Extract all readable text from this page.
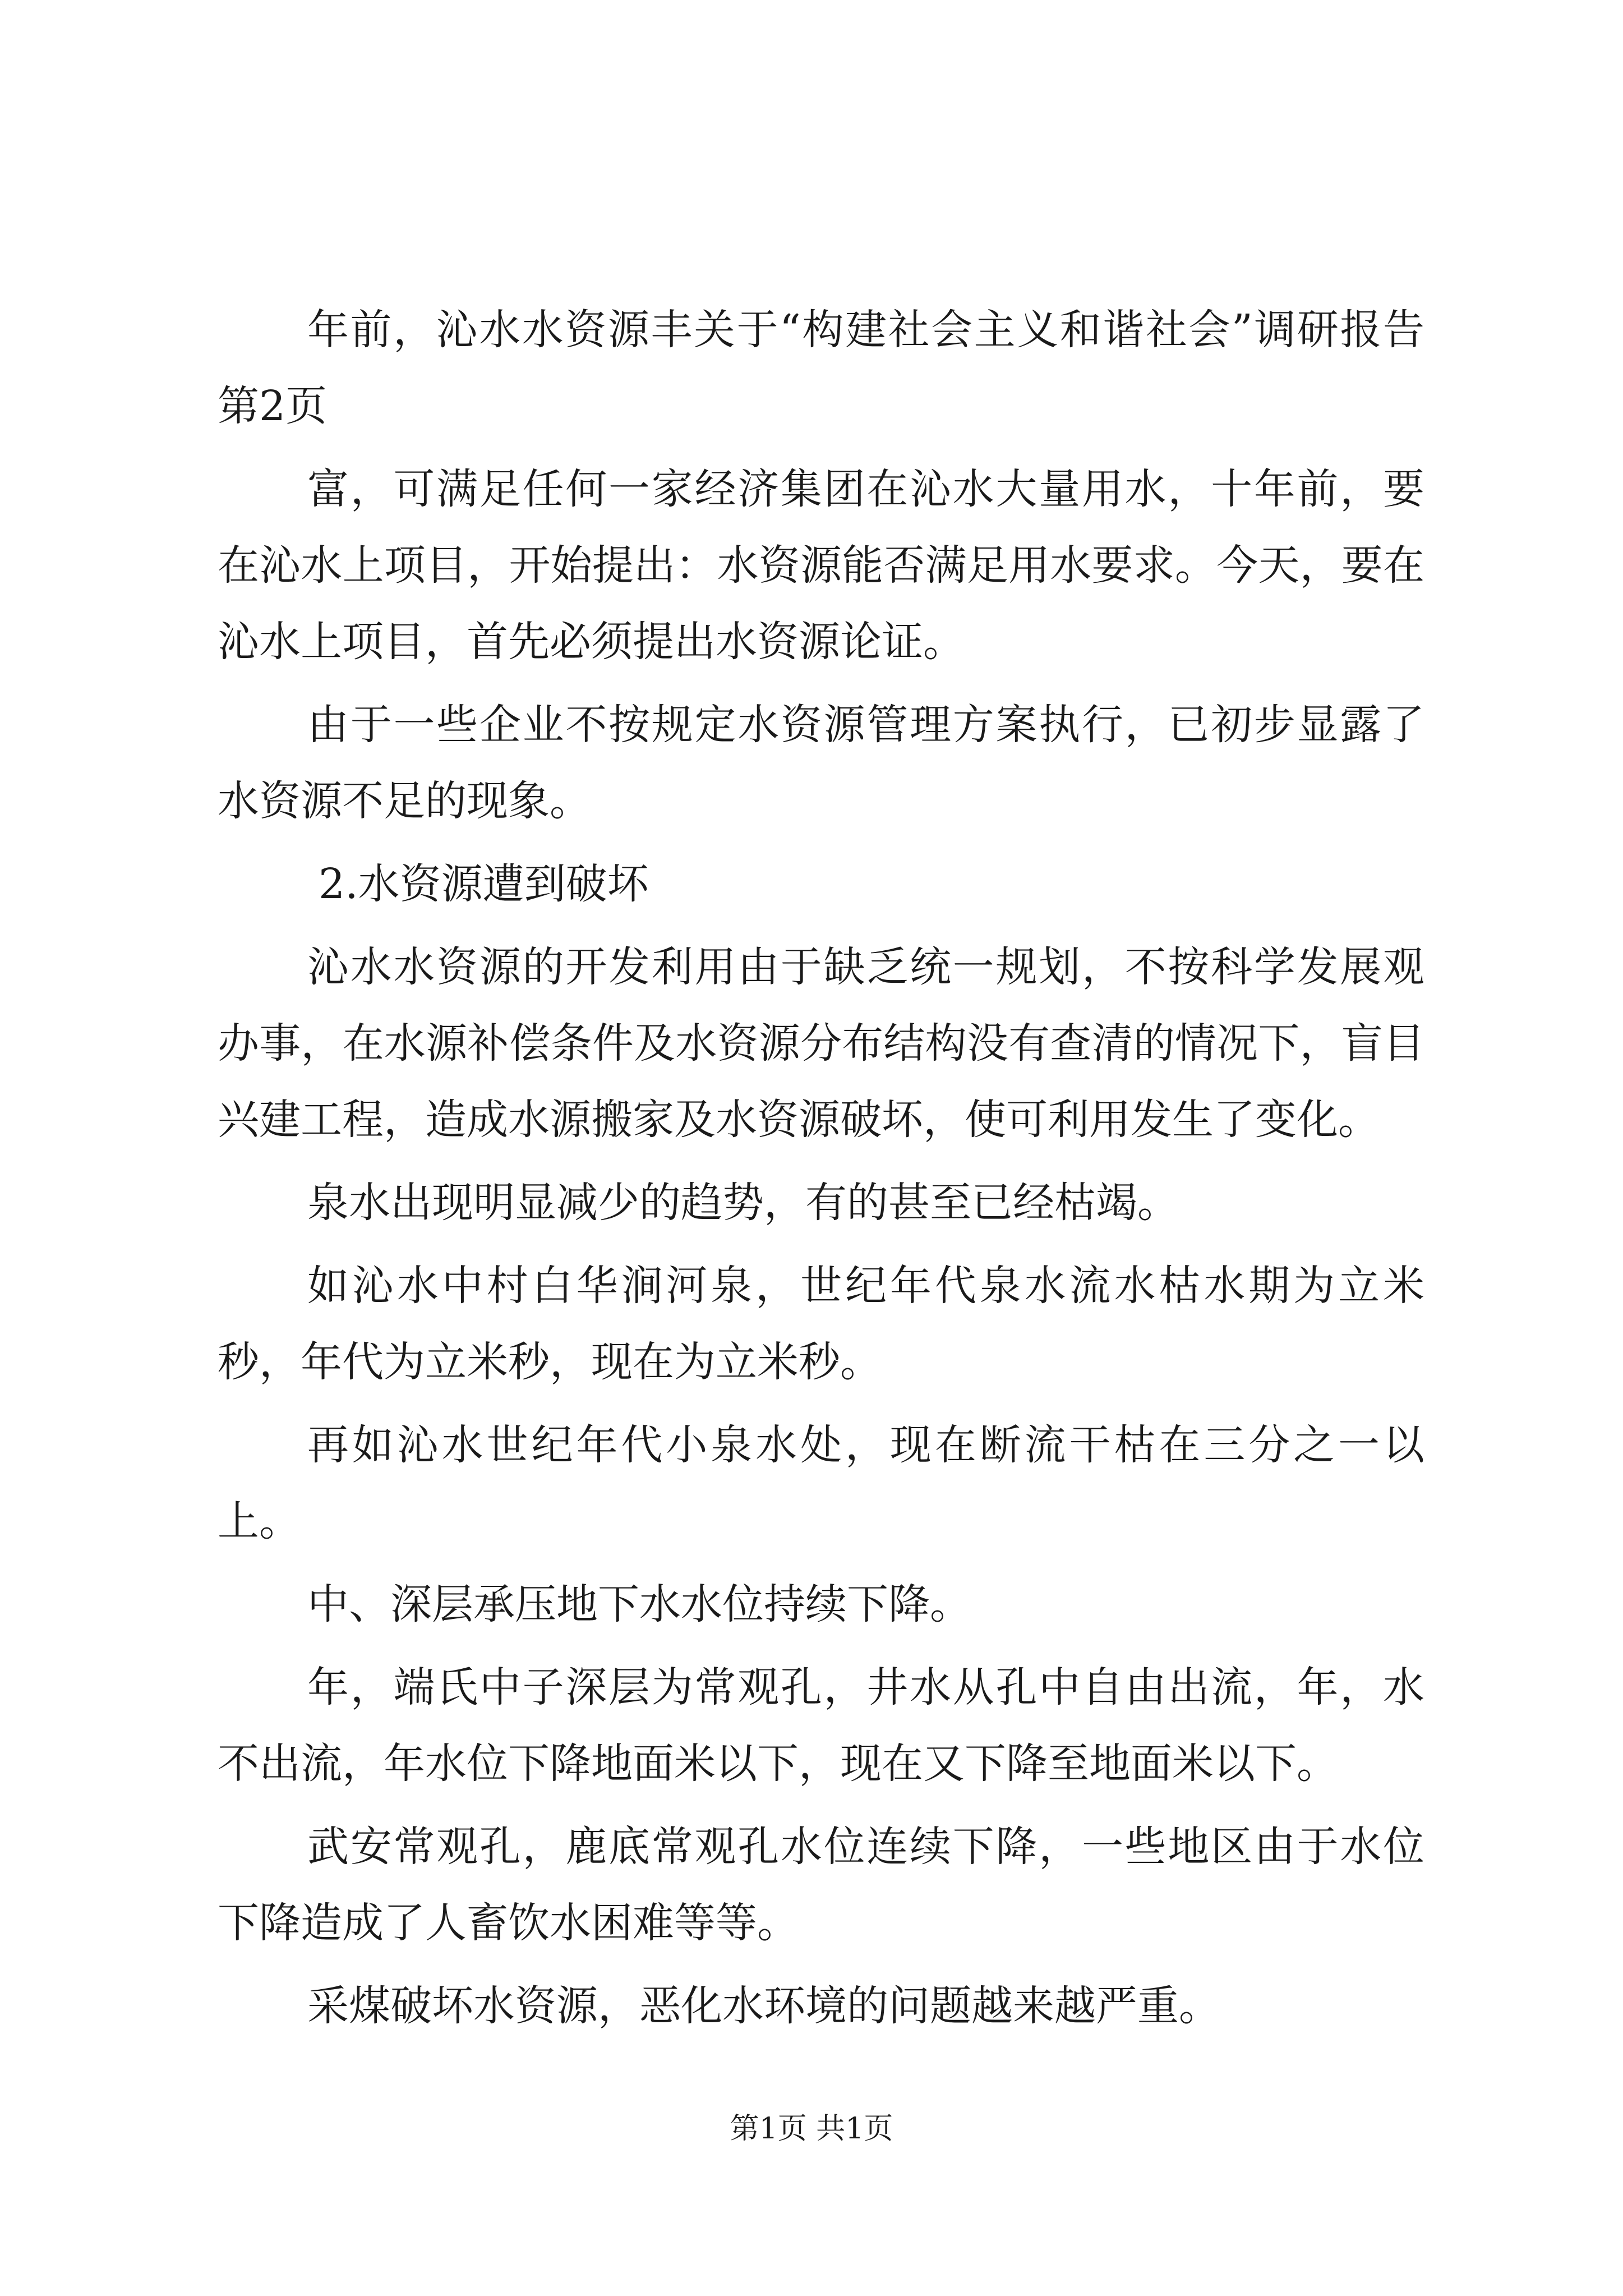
年前，沁水水资源丰关于“构建社会主义和谐社会”调研报告第2页

富，可满足任何一家经济集团在沁水大量用水，十年前，要在沁水上项目，开始提出：水资源能否满足用水要求。今天，要在沁水上项目，首先必须提出水资源论证。

由于一些企业不按规定水资源管理方案执行，已初步显露了水资源不足的现象。

2.水资源遭到破坏

沁水水资源的开发利用由于缺乏统一规划，不按科学发展观办事，在水源补偿条件及水资源分布结构没有查清的情况下，盲目兴建工程，造成水源搬家及水资源破坏，使可利用发生了变化。

泉水出现明显减少的趋势，有的甚至已经枯竭。

如沁水中村白华涧河泉，世纪年代泉水流水枯水期为立米秒，年代为立米秒，现在为立米秒。

再如沁水世纪年代小泉水处，现在断流干枯在三分之一以上。

中、深层承压地下水水位持续下降。

年，端氏中子深层为常观孔，井水从孔中自由出流，年，水不出流，年水位下降地面米以下，现在又下降至地面米以下。

武安常观孔，鹿底常观孔水位连续下降，一些地区由于水位下降造成了人畜饮水困难等等。

采煤破坏水资源，恶化水环境的问题越来越严重。

第1页 共1页
